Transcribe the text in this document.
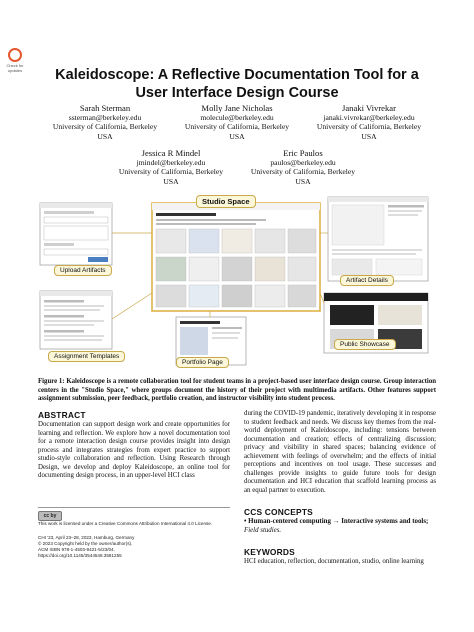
Check for updates	Kaleidoscope: A Reflective Documentation Tool for a User Interface Design Course
Sarah Sterman
ssterman@berkeley.edu
University of California, Berkeley
USA
Molly Jane Nicholas
molecule@berkeley.edu
University of California, Berkeley
USA
Janaki Vivrekar
janaki.vivrekar@berkeley.edu
University of California, Berkeley
USA
Jessica R Mindel
jmindel@berkeley.edu
University of California, Berkeley
USA
Eric Paulos
paulos@berkeley.edu
University of California, Berkeley
USA
Studio Space
Upload Artifacts
Artifact Details
Assignment Templates
Portfolio Page
Public Showcase
Figure 1: Kaleidoscope is a remote collaboration tool for student teams in a project-based user interface design course. Group interaction centers in the "Studio Space," where groups document the history of their project with multimedia artifacts. Other features support assignment submission, peer feedback, portfolio creation, and instructor visibility into student process.
ABSTRACT
Documentation can support design work and create opportunities for learning and reflection. We explore how a novel documentation tool for a remote interaction design course provides insight into design process and integrates strategies from expert practice to support studio-style collaboration and reflection. Using Research through Design, we develop and deploy Kaleidoscope, an online tool for documenting design process, in an upper-level HCI class
during the COVID-19 pandemic, iteratively developing it in response to student feedback and needs. We discuss key themes from the real-world deployment of Kaleidoscope, including: tensions between documentation and creation; effects of centralizing discussion; privacy and visibility in shared spaces; balancing evidence of achievement with feelings of overwhelm; and the effects of initial perceptions and incentives on tool usage. These successes and challenges provide insights to guide future tools for design documentation and HCI education that scaffold learning process as an equal partner to execution.
cc by
This work is licensed under a Creative Commons Attribution International 4.0 License.
CHI '23, April 23–28, 2023, Hamburg, Germany
© 2023 Copyright held by the owner/author(s).
ACM ISBN 978-1-4503-9421-5/23/04.
https://doi.org/10.1145/3544548.3581255
CCS CONCEPTS
• Human-centered computing → Interactive systems and tools; Field studies.
KEYWORDS
HCI education, reflection, documentation, studio, online learning
